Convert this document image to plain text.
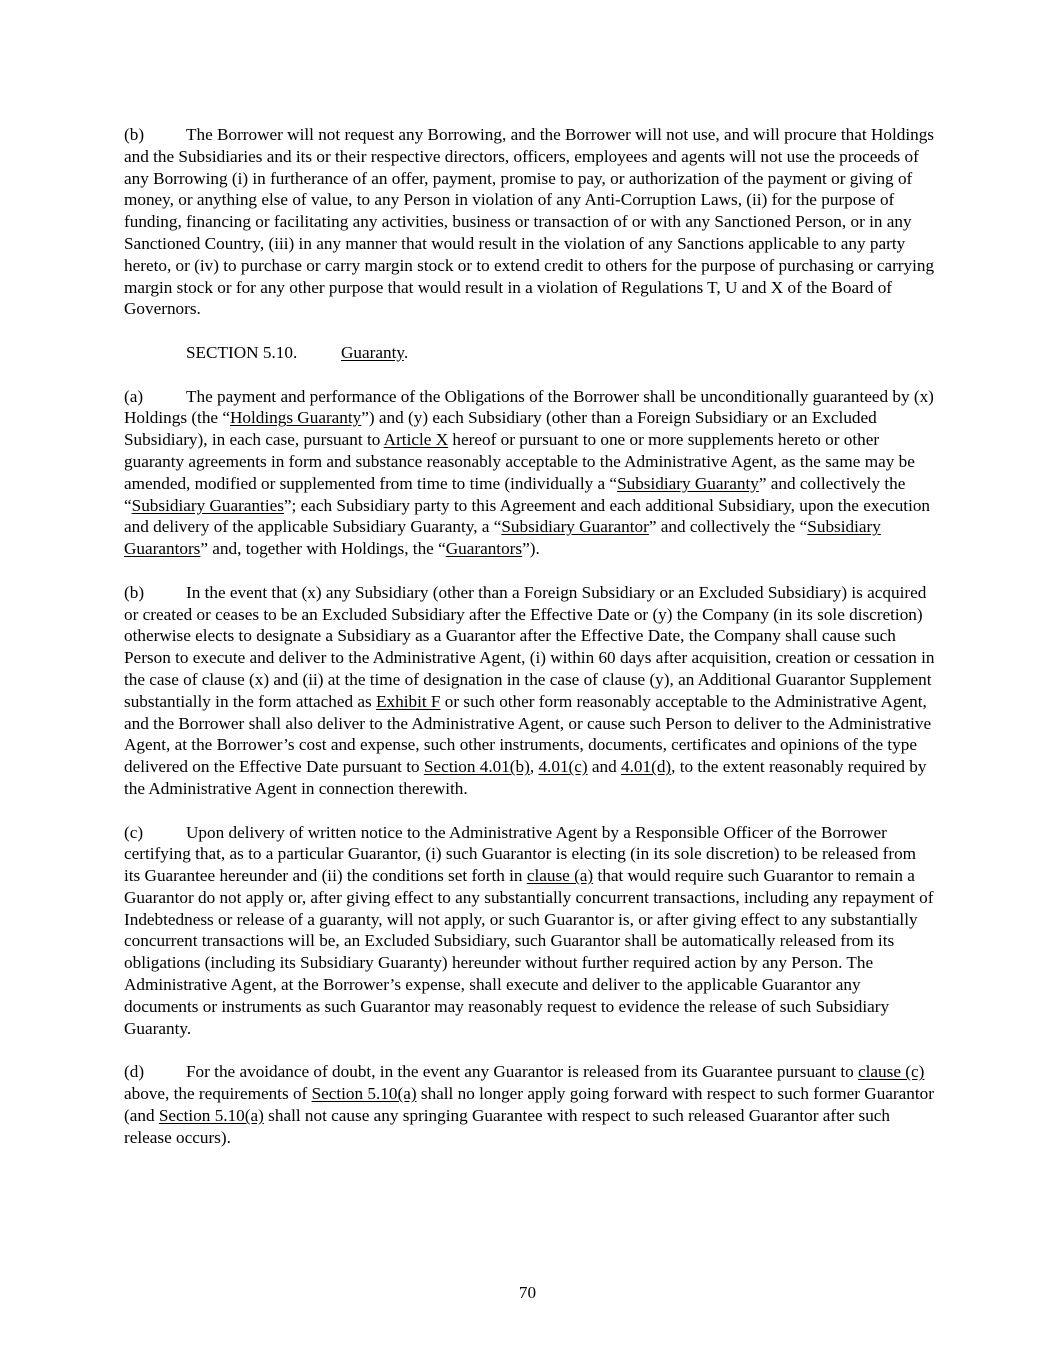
(b) The Borrower will not request any Borrowing, and the Borrower will not use, and will procure that Holdings and the Subsidiaries and its or their respective directors, officers, employees and agents will not use the proceeds of any Borrowing (i) in furtherance of an offer, payment, promise to pay, or authorization of the payment or giving of money, or anything else of value, to any Person in violation of any Anti-Corruption Laws, (ii) for the purpose of funding, financing or facilitating any activities, business or transaction of or with any Sanctioned Person, or in any Sanctioned Country, (iii) in any manner that would result in the violation of any Sanctions applicable to any party hereto, or (iv) to purchase or carry margin stock or to extend credit to others for the purpose of purchasing or carrying margin stock or for any other purpose that would result in a violation of Regulations T, U and X of the Board of Governors.

SECTION 5.10.	Guaranty.

(a) The payment and performance of the Obligations of the Borrower shall be unconditionally guaranteed by (x) Holdings (the “Holdings Guaranty”) and (y) each Subsidiary (other than a Foreign Subsidiary or an Excluded Subsidiary), in each case, pursuant to Article X hereof or pursuant to one or more supplements hereto or other guaranty agreements in form and substance reasonably acceptable to the Administrative Agent, as the same may be amended, modified or supplemented from time to time (individually a “Subsidiary Guaranty” and collectively the “Subsidiary Guaranties”; each Subsidiary party to this Agreement and each additional Subsidiary, upon the execution and delivery of the applicable Subsidiary Guaranty, a “Subsidiary Guarantor” and collectively the “Subsidiary Guarantors” and, together with Holdings, the “Guarantors”).

(b) In the event that (x) any Subsidiary (other than a Foreign Subsidiary or an Excluded Subsidiary) is acquired or created or ceases to be an Excluded Subsidiary after the Effective Date or (y) the Company (in its sole discretion) otherwise elects to designate a Subsidiary as a Guarantor after the Effective Date, the Company shall cause such Person to execute and deliver to the Administrative Agent, (i) within 60 days after acquisition, creation or cessation in the case of clause (x) and (ii) at the time of designation in the case of clause (y), an Additional Guarantor Supplement substantially in the form attached as Exhibit F or such other form reasonably acceptable to the Administrative Agent, and the Borrower shall also deliver to the Administrative Agent, or cause such Person to deliver to the Administrative Agent, at the Borrower’s cost and expense, such other instruments, documents, certificates and opinions of the type delivered on the Effective Date pursuant to Section 4.01(b), 4.01(c) and 4.01(d), to the extent reasonably required by the Administrative Agent in connection therewith.

(c) Upon delivery of written notice to the Administrative Agent by a Responsible Officer of the Borrower certifying that, as to a particular Guarantor, (i) such Guarantor is electing (in its sole discretion) to be released from its Guarantee hereunder and (ii) the conditions set forth in clause (a) that would require such Guarantor to remain a Guarantor do not apply or, after giving effect to any substantially concurrent transactions, including any repayment of Indebtedness or release of a guaranty, will not apply, or such Guarantor is, or after giving effect to any substantially concurrent transactions will be, an Excluded Subsidiary, such Guarantor shall be automatically released from its obligations (including its Subsidiary Guaranty) hereunder without further required action by any Person. The Administrative Agent, at the Borrower’s expense, shall execute and deliver to the applicable Guarantor any documents or instruments as such Guarantor may reasonably request to evidence the release of such Subsidiary Guaranty.

(d) For the avoidance of doubt, in the event any Guarantor is released from its Guarantee pursuant to clause (c) above, the requirements of Section 5.10(a) shall no longer apply going forward with respect to such former Guarantor (and Section 5.10(a) shall not cause any springing Guarantee with respect to such released Guarantor after such release occurs).

70
